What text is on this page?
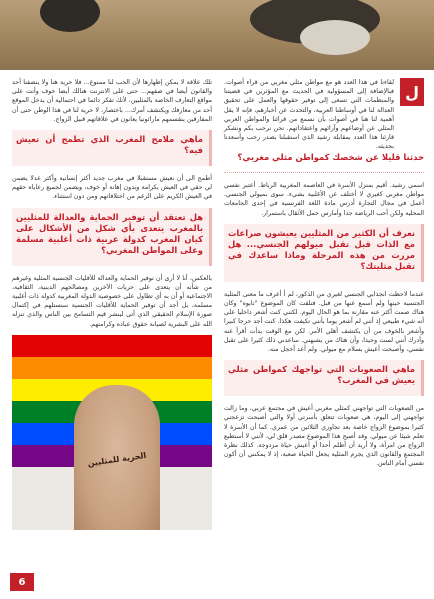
ل

لقاءنا في هذا العدد هو مع مواطن مثلي مغربي من قراء أصوات. فبالإضافة إلى المسؤولية في الحديث مع المؤثرين في قضيتنا والمنظمات التي تسعى إلى توفير حقوقها والعمل على تحقيق العدالة لنا في أوساطنا العربية، والتحدث عن أخبارهم، فإنه لا يقل أهمية لنا هنا في أصوات بأن نسمع من قرائنا والمواطن العربي المثلي عن أوضاعهم وآرائهم واعتقاداتهم. نحن نرحب بكم ونشكر قارئنا هذا العدد بمقابلة رشيد الذي استقبلنا بصدر رحب وأسعدنا بحديثه.

حدثنا قليلا عن شخصك كمواطن مثلي مغربي؟

اسمي رشيد. أقيم بمنزل الأسرة في العاصمة المغربية الرباط. أعتبر نفسي مواطن مغربي كغيري لا أختلف عن الأغلبية بشيء. سوى بميولي الجنسي. أعمل في مجال التجارة أدرس مادة اللغة الفرنسية في إحدى الجامعات المحلية ولكن أحب الرياضة جدا وأمارس حمل الأثقال باستمرار.

نعرف أن الكثير من المثليين يعيشون صراعات مع الذات قبل تقبل ميولهم الجنسي... هل مررت من هذه المرحلة وماذا ساعدك في تقبل مثليتك؟

عندما لاحظت انجذابي الجنسي لغيري من الذكور، لم أ أعرف ما معنى المثلية الجنسية حينها ولم أسمع عنها من قبل. فتلقت كان الموضوع "تابوه" وكان هناك صمت أكثر عنه مقارنة بما هو الحال اليوم. لكنني كنت أشعر داخليا على أنه شيء طبيعي إذ أنني لم أشعر يوما بأنني تكيفت هكذا. كنت أجد حرجا كبيرا وأشعر بالخوف من أن يكتشف أهلي الأمر. لكن مع الوقت بدأت أقرأ عنه وأدرك أنني لست وحيدا، وأن هناك من يشبهني. ساعدني ذلك كثيرا على تقبل نفسي، وأصبحت أعيش بسلام مع ميولي. ولم أعد أخجل منه.

ماهي الصعوبات التي تواجهك كمواطن مثلي يعيش في المغرب؟

من الصعوبات التي تواجهني كمثلي مغربي أعيش في مجتمع عربي، وما زالت تواجهني إلى اليوم، هي صعوبات تتعلق بأسرتي أولا والتي أصبحت تزعجني كثيرا بموضوع الزواج خاصة بعد تجاوزي الثلاثين من عمري. كما أن الأسرة لا تعلم شيئا عن ميولي. وقد أصبح هذا الموضوع مصدر قلق لي، لأنني لا أستطيع الزواج من امرأة، ولا أريد أن أظلم أحدا أو أعيش حياة مزدوجة. كذلك نظرة المجتمع والقانون الذي يجرم المثلية يجعل الحياة صعبة، إذ لا يمكنني أن أكون نفسي أمام الناس.

تلك علاقة لا يمكن إظهارها لأن الحب لنا ممنوع... فلا حرية هنا ولا ينصفنا أحد والقانون أيضا في صفهم... حتى على الانترنت هنالك أيضا خوف وأنت على مواقع التعارف الخاصة بالمثليين، لأنك تفكر دائما في احتمالية أن يدخل الموقع أحد من معارفك ويكتشف أمرك... باختصار، لا حرية لنا في هذا الوطن حتى أن المفارقين ينقسمهم ماراثونيا يعانون في علاقاتهم قبيل الزواج.

ماهي ملامح المغرب الذي تطمح أن تعيش فيه؟

أطمح الى أن نعيش مستقبلا في مغرب جديد أكثر إنسانية وأكثر عدلا يضمن لي حقي في العيش بكرامة وبدون إهانة أو خوف، ويضمن لجميع رعاياه حقهم في العيش الكريم على الرغم من اختلافاتهم ومن دون استثناء.

هل تعتقد أن توفير الحماية والعدالة للمثليين بالمغرب يتعدى بأي شكل من الأشكال على كيان المغرب كدولة عربية ذات أغلبية مسلمة وعلى المواطن المغربي؟

بالعكس، أنا لا أرى أن توفير الحماية والعدالة للأقليات الجنسية المثلية وغيرهم من شأنه أن يتعدى على حريات الآخرين ومصالحهم الدينية، الثقافية، الاجتماعية أو أن به أي تطاول على خصوصية الدولة المغربية كدولة ذات أغلبية مسلمة، بل أجد أن توفير الحماية للأقليات الجنسية سنستلهم في إكتمال صورة الإسلام الحقيقي الذي أتى لينشر قيم التسامح بين الناس والذي تنزله الله على البشرية لصيانة حقوق عباده وكرامتهم.

الحرية للمثليين
6
